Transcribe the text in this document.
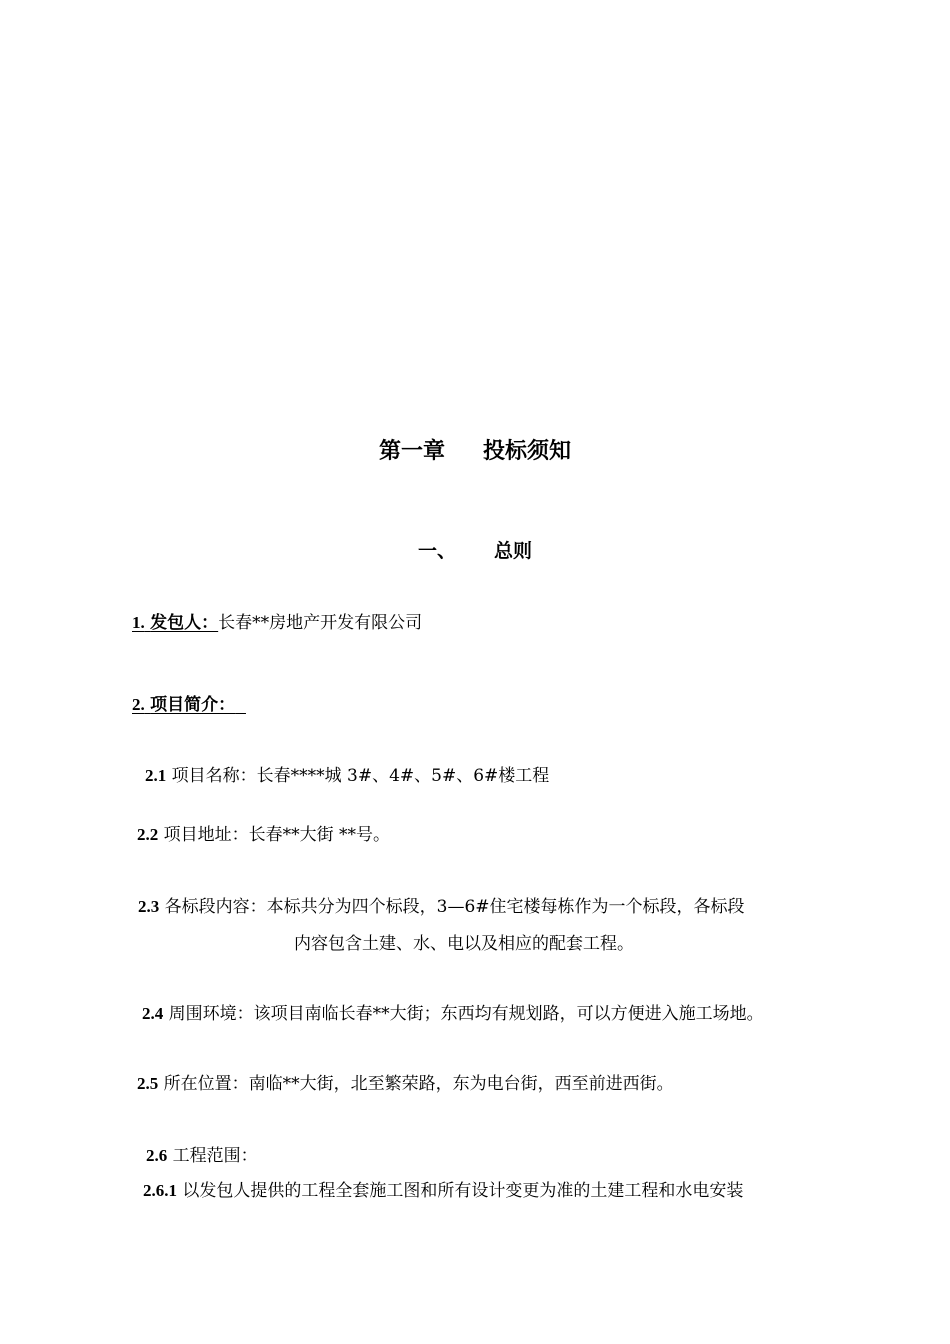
第一章 投标须知
一、 总则
1. 发包人：长春**房地产开发有限公司
2. 项目简介：
2.1 项目名称：长春****城 3#、4#、5#、6#楼工程
2.2 项目地址：长春**大街 **号。
2.3 各标段内容：本标共分为四个标段，3—6#住宅楼每栋作为一个标段，各标段
内容包含土建、水、电以及相应的配套工程。
2.4 周围环境：该项目南临长春**大街；东西均有规划路，可以方便进入施工场地。
2.5 所在位置：南临**大街，北至繁荣路，东为电台街，西至前进西街。
2.6 工程范围：
2.6.1 以发包人提供的工程全套施工图和所有设计变更为准的土建工程和水电安装
